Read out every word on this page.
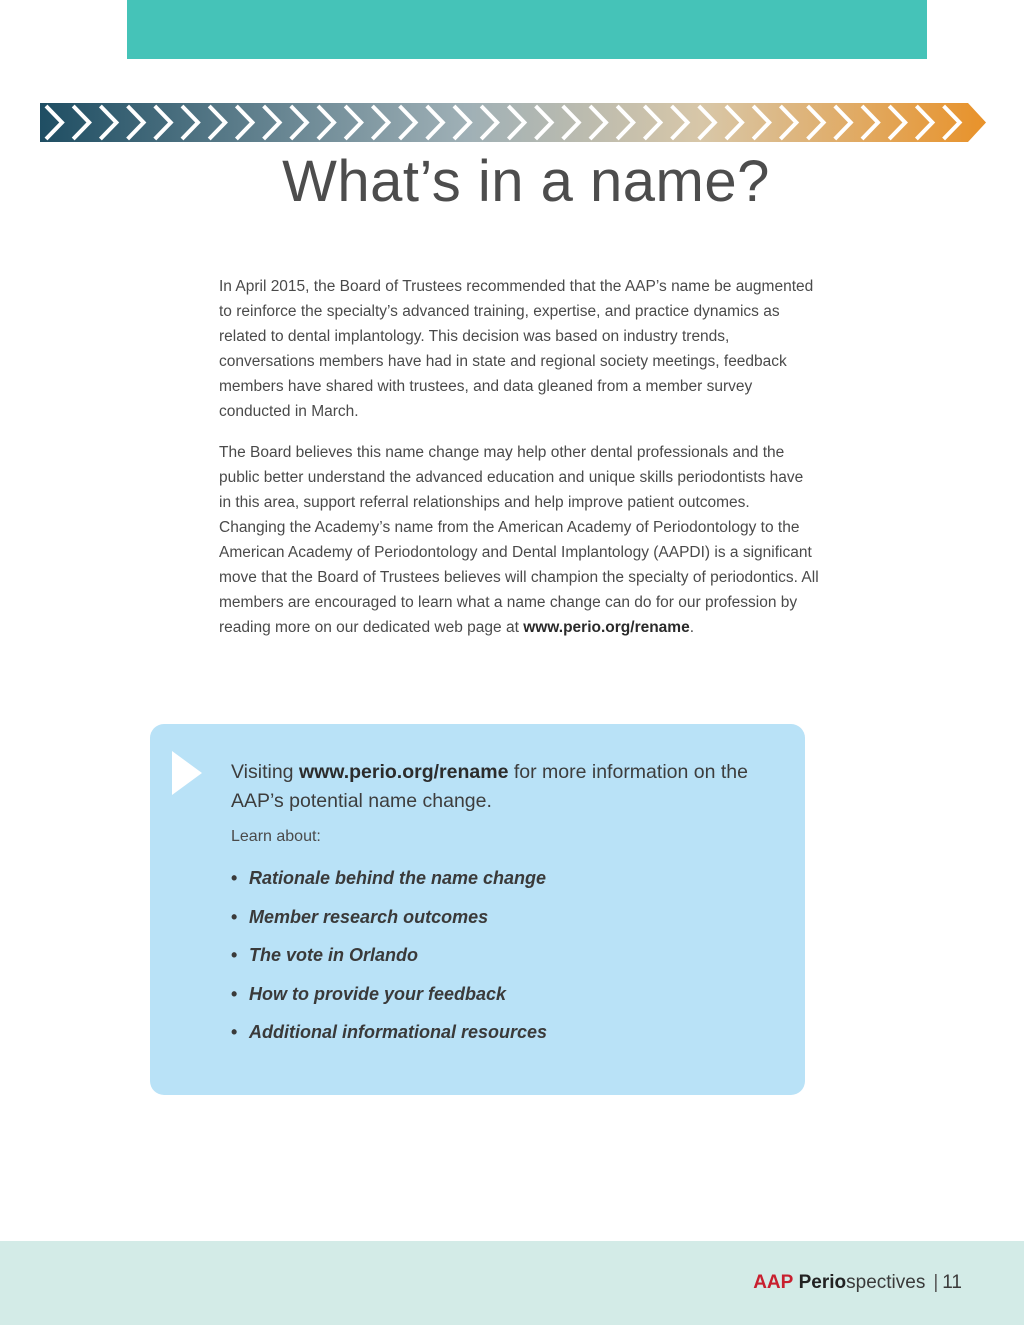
What’s in a name?

In April 2015, the Board of Trustees recommended that the AAP’s name be augmented to reinforce the specialty’s advanced training, expertise, and practice dynamics as related to dental implantology. This decision was based on industry trends, conversations members have had in state and regional society meetings, feedback members have shared with trustees, and data gleaned from a member survey conducted in March.

The Board believes this name change may help other dental professionals and the public better understand the advanced education and unique skills periodontists have in this area, support referral relationships and help improve patient outcomes. Changing the Academy’s name from the American Academy of Periodontology to the American Academy of Periodontology and Dental Implantology (AAPDI) is a significant move that the Board of Trustees believes will champion the specialty of periodontics. All members are encouraged to learn what a name change can do for our profession by reading more on our dedicated web page at www.perio.org/rename.

Visiting www.perio.org/rename for more information on the AAP’s potential name change.
Learn about:
• Rationale behind the name change
• Member research outcomes
• The vote in Orlando
• How to provide your feedback
• Additional informational resources
AAP Periospectives | 11
